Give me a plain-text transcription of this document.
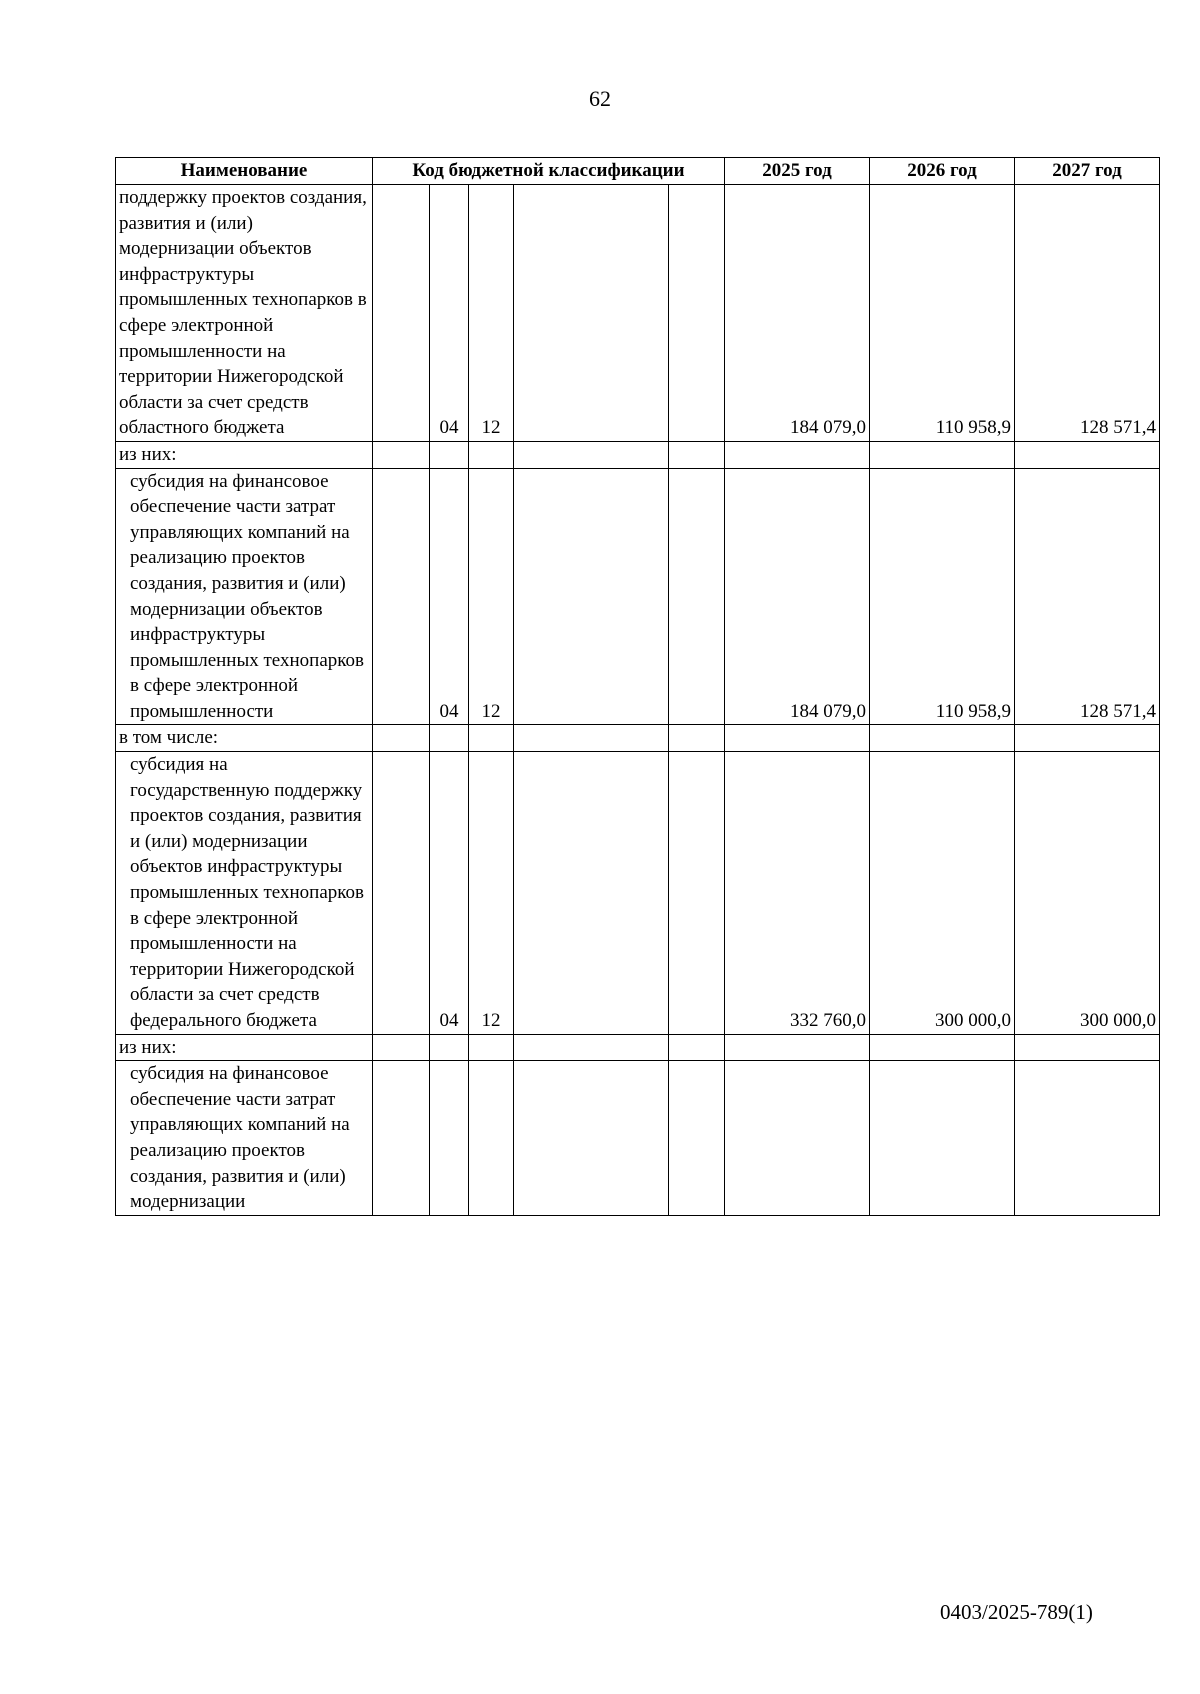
62
Наименование	Код бюджетной классификации					2025 год	2026 год	2027 год
поддержку проектов создания, развития и (или) модернизации объектов инфраструктуры промышленных технопарков в сфере электронной промышленности на территории Нижегородской области за счет средств областного бюджета		04	12			184 079,0	110 958,9	128 571,4
из них:								
субсидия на финансовое обеспечение части затрат управляющих компаний на реализацию проектов создания, развития и (или) модернизации объектов инфраструктуры промышленных технопарков в сфере электронной промышленности		04	12			184 079,0	110 958,9	128 571,4
в том числе:								
субсидия на государственную поддержку проектов создания, развития и (или) модернизации объектов инфраструктуры промышленных технопарков в сфере электронной промышленности на территории Нижегородской области за счет средств федерального бюджета		04	12			332 760,0	300 000,0	300 000,0
из них:								
субсидия на финансовое обеспечение части затрат управляющих компаний на реализацию проектов создания, развития и (или) модернизации								
0403/2025-789(1)
